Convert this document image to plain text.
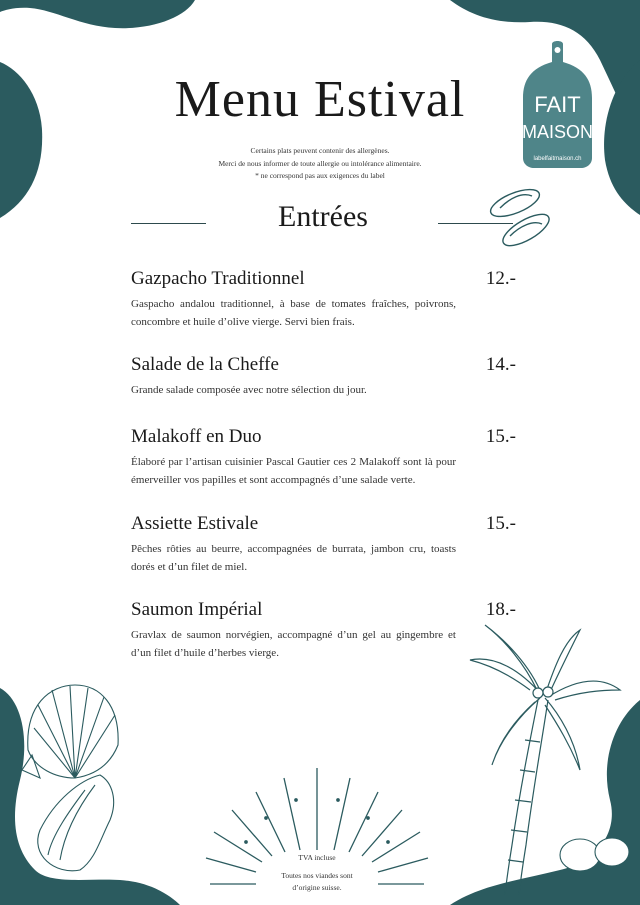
FAIT
MAISON
labelfaitmaison.ch
Menu Estival
Certains plats peuvent contenir des allergènes.
Merci de nous informer de toute allergie ou intolérance alimentaire.
* ne correspond pas aux exigences du label
Entrées
Gazpacho Traditionnel	12.-
Gaspacho andalou traditionnel, à base de tomates fraîches, poivrons, concombre et huile d’olive vierge. Servi bien frais.
Salade de la Cheffe	14.-
Grande salade composée avec notre sélection du jour.
Malakoff en Duo	15.-
Élaboré par l’artisan cuisinier Pascal Gautier ces 2 Malakoff sont là pour émerveiller vos papilles et sont accompagnés d’une salade verte.
Assiette Estivale	15.-
Pêches rôties au beurre, accompagnées de burrata, jambon cru, toasts dorés et d’un filet de miel.
Saumon Impérial	18.-
Gravlax de saumon norvégien, accompagné d’un gel au gingembre et d’un filet d’huile d’herbes vierge.
TVA incluse
Toutes nos viandes sont
d’origine suisse.
